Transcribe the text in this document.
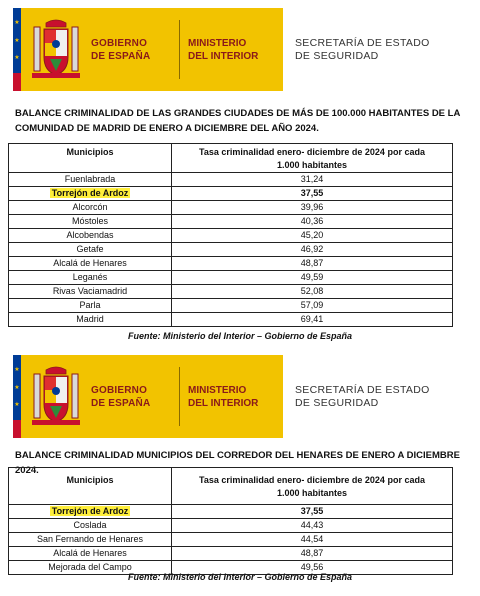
★
★
★
GOBIERNO
DE ESPAÑA
MINISTERIO
DEL INTERIOR
SECRETARÍA DE ESTADO
DE SEGURIDAD
BALANCE CRIMINALIDAD DE LAS GRANDES CIUDADES DE MÁS DE 100.000 HABITANTES DE LA COMUNIDAD DE MADRID DE ENERO A DICIEMBRE DEL AÑO 2024.
Municipios	Tasa criminalidad enero- diciembre de 2024 por cada
1.000 habitantes

Fuenlabrada	31,24
Torrejón de Ardoz	37,55
Alcorcón	39,96
Móstoles	40,36
Alcobendas	45,20
Getafe	46,92
Alcalá de Henares	48,87
Leganés	49,59
Rivas Vaciamadrid	52,08
Parla	57,09
Madrid	69,41
Fuente: Ministerio del Interior – Gobierno de España
★
★
★
GOBIERNO
DE ESPAÑA
MINISTERIO
DEL INTERIOR
SECRETARÍA DE ESTADO
DE SEGURIDAD
BALANCE CRIMINALIDAD MUNICIPIOS DEL CORREDOR DEL HENARES DE ENERO A DICIEMBRE 2024.
Municipios	Tasa criminalidad enero- diciembre de 2024 por cada
1.000 habitantes

Torrejón de Ardoz	37,55
Coslada	44,43
San Fernando de Henares	44,54
Alcalá de Henares	48,87
Mejorada del Campo	49,56
Fuente: Ministerio del Interior – Gobierno de España
